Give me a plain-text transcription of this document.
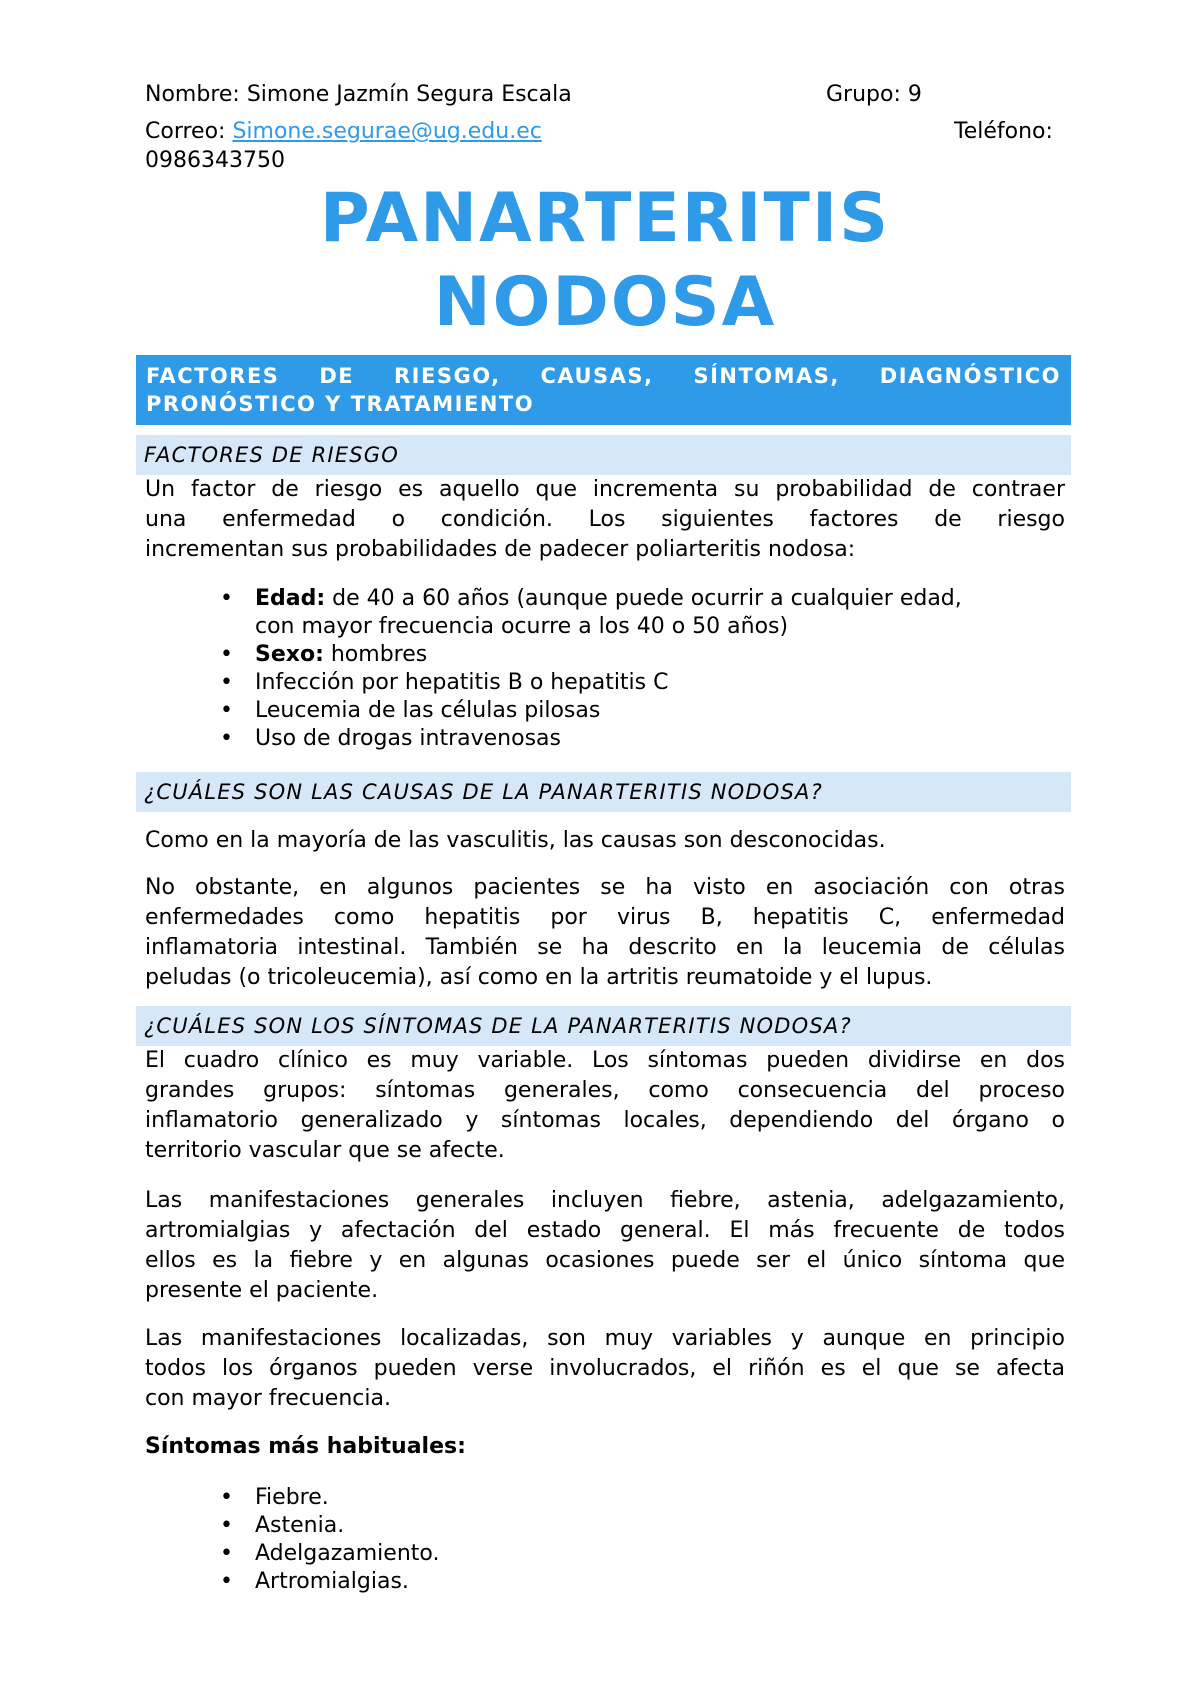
Nombre: Simone Jazmín Segura Escala	Grupo: 9
Correo: Simone.segurae@ug.edu.ec	Teléfono:
0986343750
PANARTERITIS
NODOSA
FACTORES DE RIESGO, CAUSAS, SÍNTOMAS, DIAGNÓSTICO
PRONÓSTICO Y TRATAMIENTO
FACTORES DE RIESGO
Un factor de riesgo es aquello que incrementa su probabilidad de contraer
una enfermedad o condición. Los siguientes factores de riesgo
incrementan sus probabilidades de padecer poliarteritis nodosa:
• Edad: de 40 a 60 años (aunque puede ocurrir a cualquier edad,
con mayor frecuencia ocurre a los 40 o 50 años)
• Sexo: hombres
• Infección por hepatitis B o hepatitis C
• Leucemia de las células pilosas
• Uso de drogas intravenosas
¿CUÁLES SON LAS CAUSAS DE LA PANARTERITIS NODOSA?
Como en la mayoría de las vasculitis, las causas son desconocidas.
No obstante, en algunos pacientes se ha visto en asociación con otras
enfermedades como hepatitis por virus B, hepatitis C, enfermedad
inflamatoria intestinal. También se ha descrito en la leucemia de células
peludas (o tricoleucemia), así como en la artritis reumatoide y el lupus.
¿CUÁLES SON LOS SÍNTOMAS DE LA PANARTERITIS NODOSA?
El cuadro clínico es muy variable. Los síntomas pueden dividirse en dos
grandes grupos: síntomas generales, como consecuencia del proceso
inflamatorio generalizado y síntomas locales, dependiendo del órgano o
territorio vascular que se afecte.
Las manifestaciones generales incluyen fiebre, astenia, adelgazamiento,
artromialgias y afectación del estado general. El más frecuente de todos
ellos es la fiebre y en algunas ocasiones puede ser el único síntoma que
presente el paciente.
Las manifestaciones localizadas, son muy variables y aunque en principio
todos los órganos pueden verse involucrados, el riñón es el que se afecta
con mayor frecuencia.
Síntomas más habituales:
• Fiebre.
• Astenia.
• Adelgazamiento.
• Artromialgias.
